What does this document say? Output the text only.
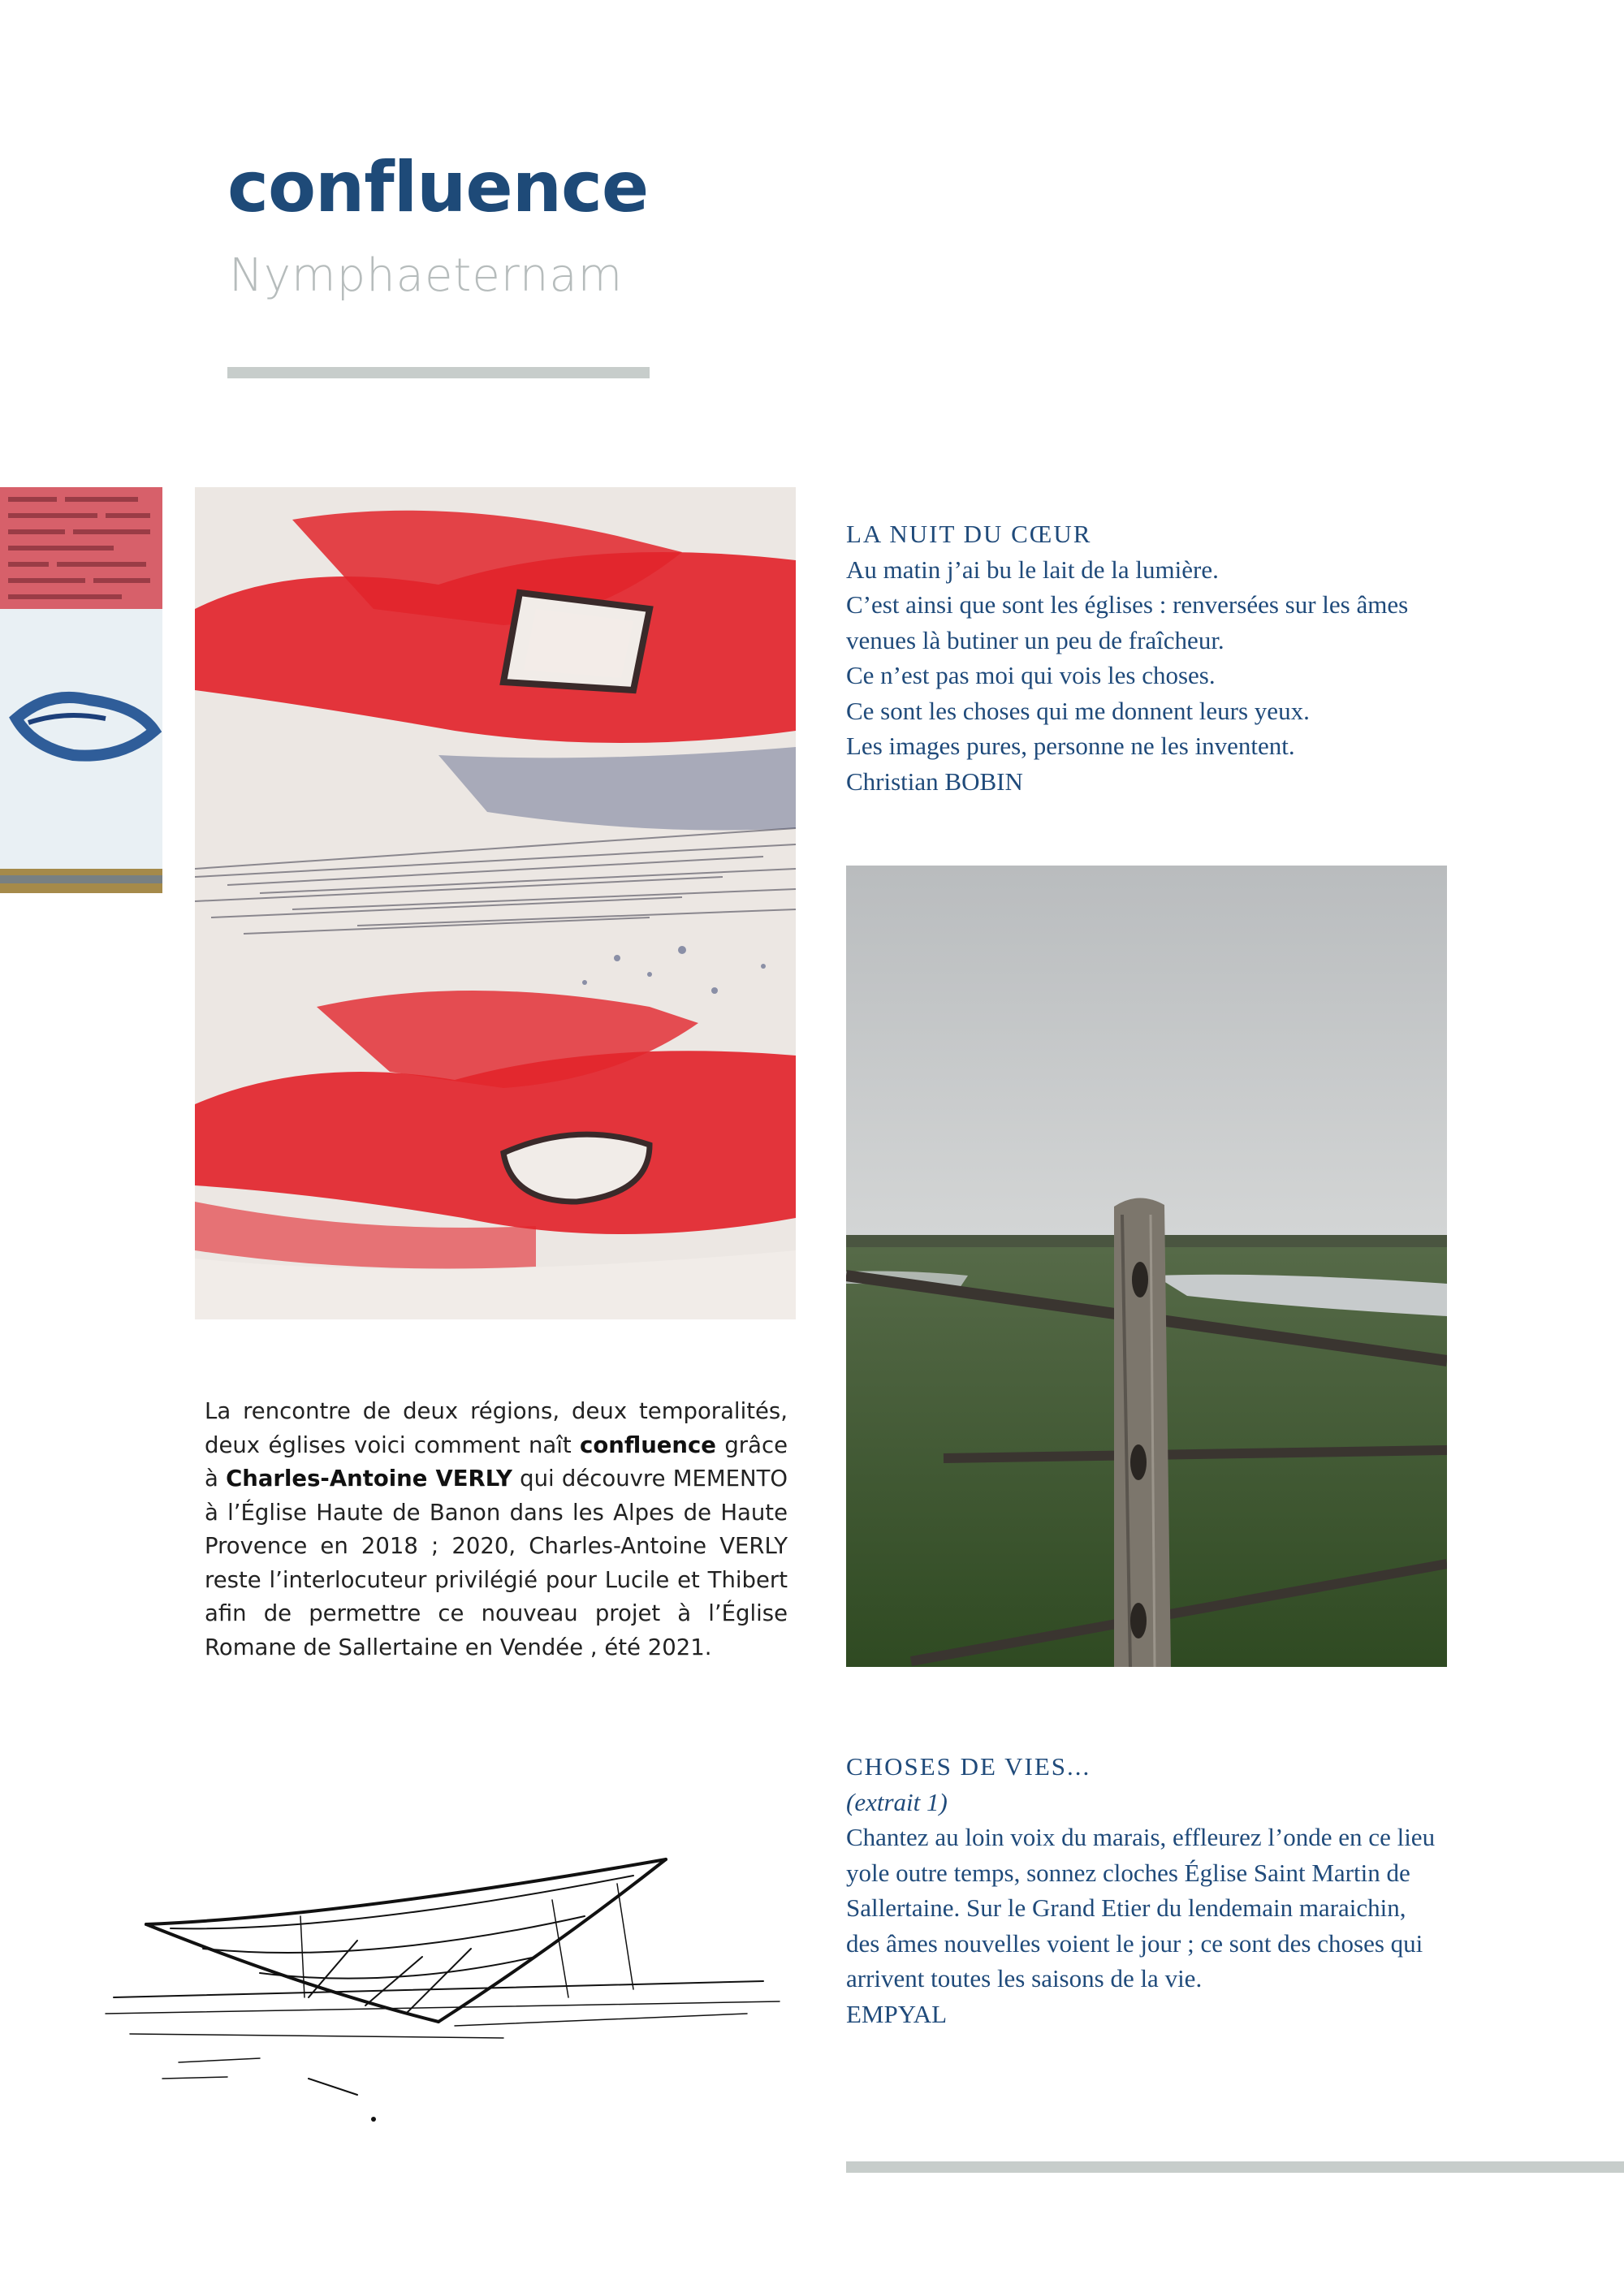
confluence
Nymphaeternam
LA NUIT DU CŒUR
Au matin j’ai bu le lait de la lumière.
C’est ainsi que sont les églises : renversées sur les âmes
venues là butiner un peu de fraîcheur.
Ce n’est pas moi qui vois les choses.
Ce sont les choses qui me donnent leurs yeux.
Les images pures, personne ne les inventent.
Christian BOBIN
La rencontre de deux régions, deux temporalités, deux églises voici comment naît confluence grâce à Charles-Antoine VERLY qui découvre MEMENTO à l’Église Haute de Banon dans les Alpes de Haute Provence en 2018 ; 2020, Charles-Antoine VERLY reste l’interlocuteur privilégié pour Lucile et Thibert afin de permettre ce nouveau projet à l’Église Romane de Sallertaine en Vendée , été 2021.
CHOSES DE VIES...
(extrait 1)
Chantez au loin voix du marais, effleurez l’onde en ce lieu
yole outre temps, sonnez cloches Église Saint Martin de
Sallertaine. Sur le Grand Etier du lendemain maraichin,
des âmes nouvelles voient le jour ; ce sont des choses qui
arrivent toutes les saisons de la vie.
EMPYAL
